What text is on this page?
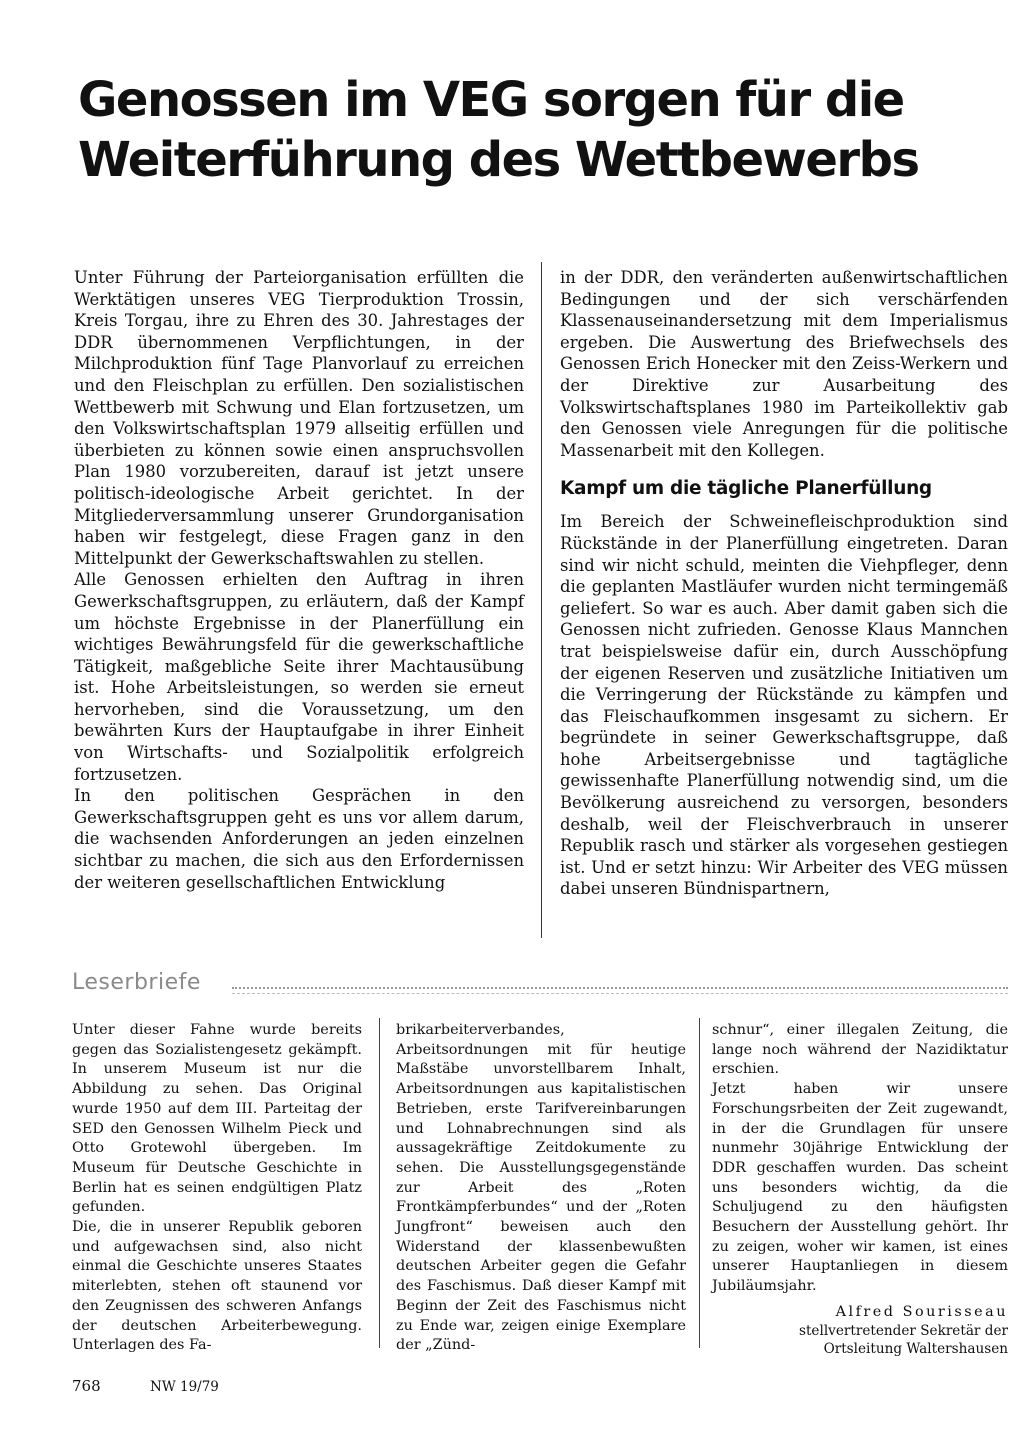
Genossen im VEG sorgen für die
Weiterführung des Wettbewerbs

Unter Führung der Parteiorganisation erfüllten die Werktätigen unseres VEG Tierproduktion Trossin, Kreis Torgau, ihre zu Ehren des 30. Jahrestages der DDR übernommenen Verpflichtungen, in der Milchproduktion fünf Tage Planvorlauf zu erreichen und den Fleischplan zu erfüllen. Den sozialistischen Wettbewerb mit Schwung und Elan fortzusetzen, um den Volkswirtschaftsplan 1979 allseitig erfüllen und überbieten zu können sowie einen anspruchsvollen Plan 1980 vorzubereiten, darauf ist jetzt unsere politisch-ideologische Arbeit gerichtet. In der Mitgliederversammlung unserer Grundorganisation haben wir festgelegt, diese Fragen ganz in den Mittelpunkt der Gewerkschaftswahlen zu stellen.

Alle Genossen erhielten den Auftrag in ihren Gewerkschaftsgruppen, zu erläutern, daß der Kampf um höchste Ergebnisse in der Planerfüllung ein wichtiges Bewährungsfeld für die gewerkschaftliche Tätigkeit, maßgebliche Seite ihrer Machtausübung ist. Hohe Arbeitsleistungen, so werden sie erneut hervorheben, sind die Voraussetzung, um den bewährten Kurs der Hauptaufgabe in ihrer Einheit von Wirtschafts- und Sozialpolitik erfolgreich fortzusetzen.

In den politischen Gesprächen in den Gewerkschaftsgruppen geht es uns vor allem darum, die wachsenden Anforderungen an jeden einzelnen sichtbar zu machen, die sich aus den Erfordernissen der weiteren gesellschaftlichen Entwicklung

in der DDR, den veränderten außenwirtschaftlichen Bedingungen und der sich verschärfenden Klassenauseinandersetzung mit dem Imperialismus ergeben. Die Auswertung des Briefwechsels des Genossen Erich Honecker mit den Zeiss-Werkern und der Direktive zur Ausarbeitung des Volkswirtschaftsplanes 1980 im Parteikollektiv gab den Genossen viele Anregungen für die politische Massenarbeit mit den Kollegen.

Kampf um die tägliche Planerfüllung

Im Bereich der Schweinefleischproduktion sind Rückstände in der Planerfüllung eingetreten. Daran sind wir nicht schuld, meinten die Viehpfleger, denn die geplanten Mastläufer wurden nicht termingemäß geliefert. So war es auch. Aber damit gaben sich die Genossen nicht zufrieden. Genosse Klaus Mannchen trat beispielsweise dafür ein, durch Ausschöpfung der eigenen Reserven und zusätzliche Initiativen um die Verringerung der Rückstände zu kämpfen und das Fleischaufkommen insgesamt zu sichern. Er begründete in seiner Gewerkschaftsgruppe, daß hohe Arbeitsergebnisse und tagtägliche gewissenhafte Planerfüllung notwendig sind, um die Bevölkerung ausreichend zu versorgen, besonders deshalb, weil der Fleischverbrauch in unserer Republik rasch und stärker als vorgesehen gestiegen ist. Und er setzt hinzu: Wir Arbeiter des VEG müssen dabei unseren Bündnispartnern,

Leserbriefe

Unter dieser Fahne wurde bereits gegen das Sozialistengesetz gekämpft. In unserem Museum ist nur die Abbildung zu sehen. Das Original wurde 1950 auf dem III. Parteitag der SED den Genossen Wilhelm Pieck und Otto Grotewohl übergeben. Im Museum für Deutsche Geschichte in Berlin hat es seinen endgültigen Platz gefunden.

Die, die in unserer Republik geboren und aufgewachsen sind, also nicht einmal die Geschichte unseres Staates miterlebten, stehen oft staunend vor den Zeugnissen des schweren Anfangs der deutschen Arbeiterbewegung. Unterlagen des Fa-

brikarbeiterverbandes, Arbeitsordnungen mit für heutige Maßstäbe unvorstellbarem Inhalt, Arbeitsordnungen aus kapitalistischen Betrieben, erste Tarifvereinbarungen und Lohnabrechnungen sind als aussagekräftige Zeitdokumente zu sehen. Die Ausstellungsgegenstände zur Arbeit des „Roten Frontkämpferbundes“ und der „Roten Jungfront“ beweisen auch den Widerstand der klassenbewußten deutschen Arbeiter gegen die Gefahr des Faschismus. Daß dieser Kampf mit Beginn der Zeit des Faschismus nicht zu Ende war, zeigen einige Exemplare der „Zünd-

schnur“, einer illegalen Zeitung, die lange noch während der Nazidiktatur erschien.

Jetzt haben wir unsere Forschungsrbeiten der Zeit zugewandt, in der die Grundlagen für unsere nunmehr 30jährige Entwicklung der DDR geschaffen wurden. Das scheint uns besonders wichtig, da die Schuljugend zu den häufigsten Besuchern der Ausstellung gehört. Ihr zu zeigen, woher wir kamen, ist eines unserer Hauptanliegen in diesem Jubiläumsjahr.

Alfred Sourisseau
stellvertretender Sekretär der
Ortsleitung Waltershausen
768	NW 19/79
